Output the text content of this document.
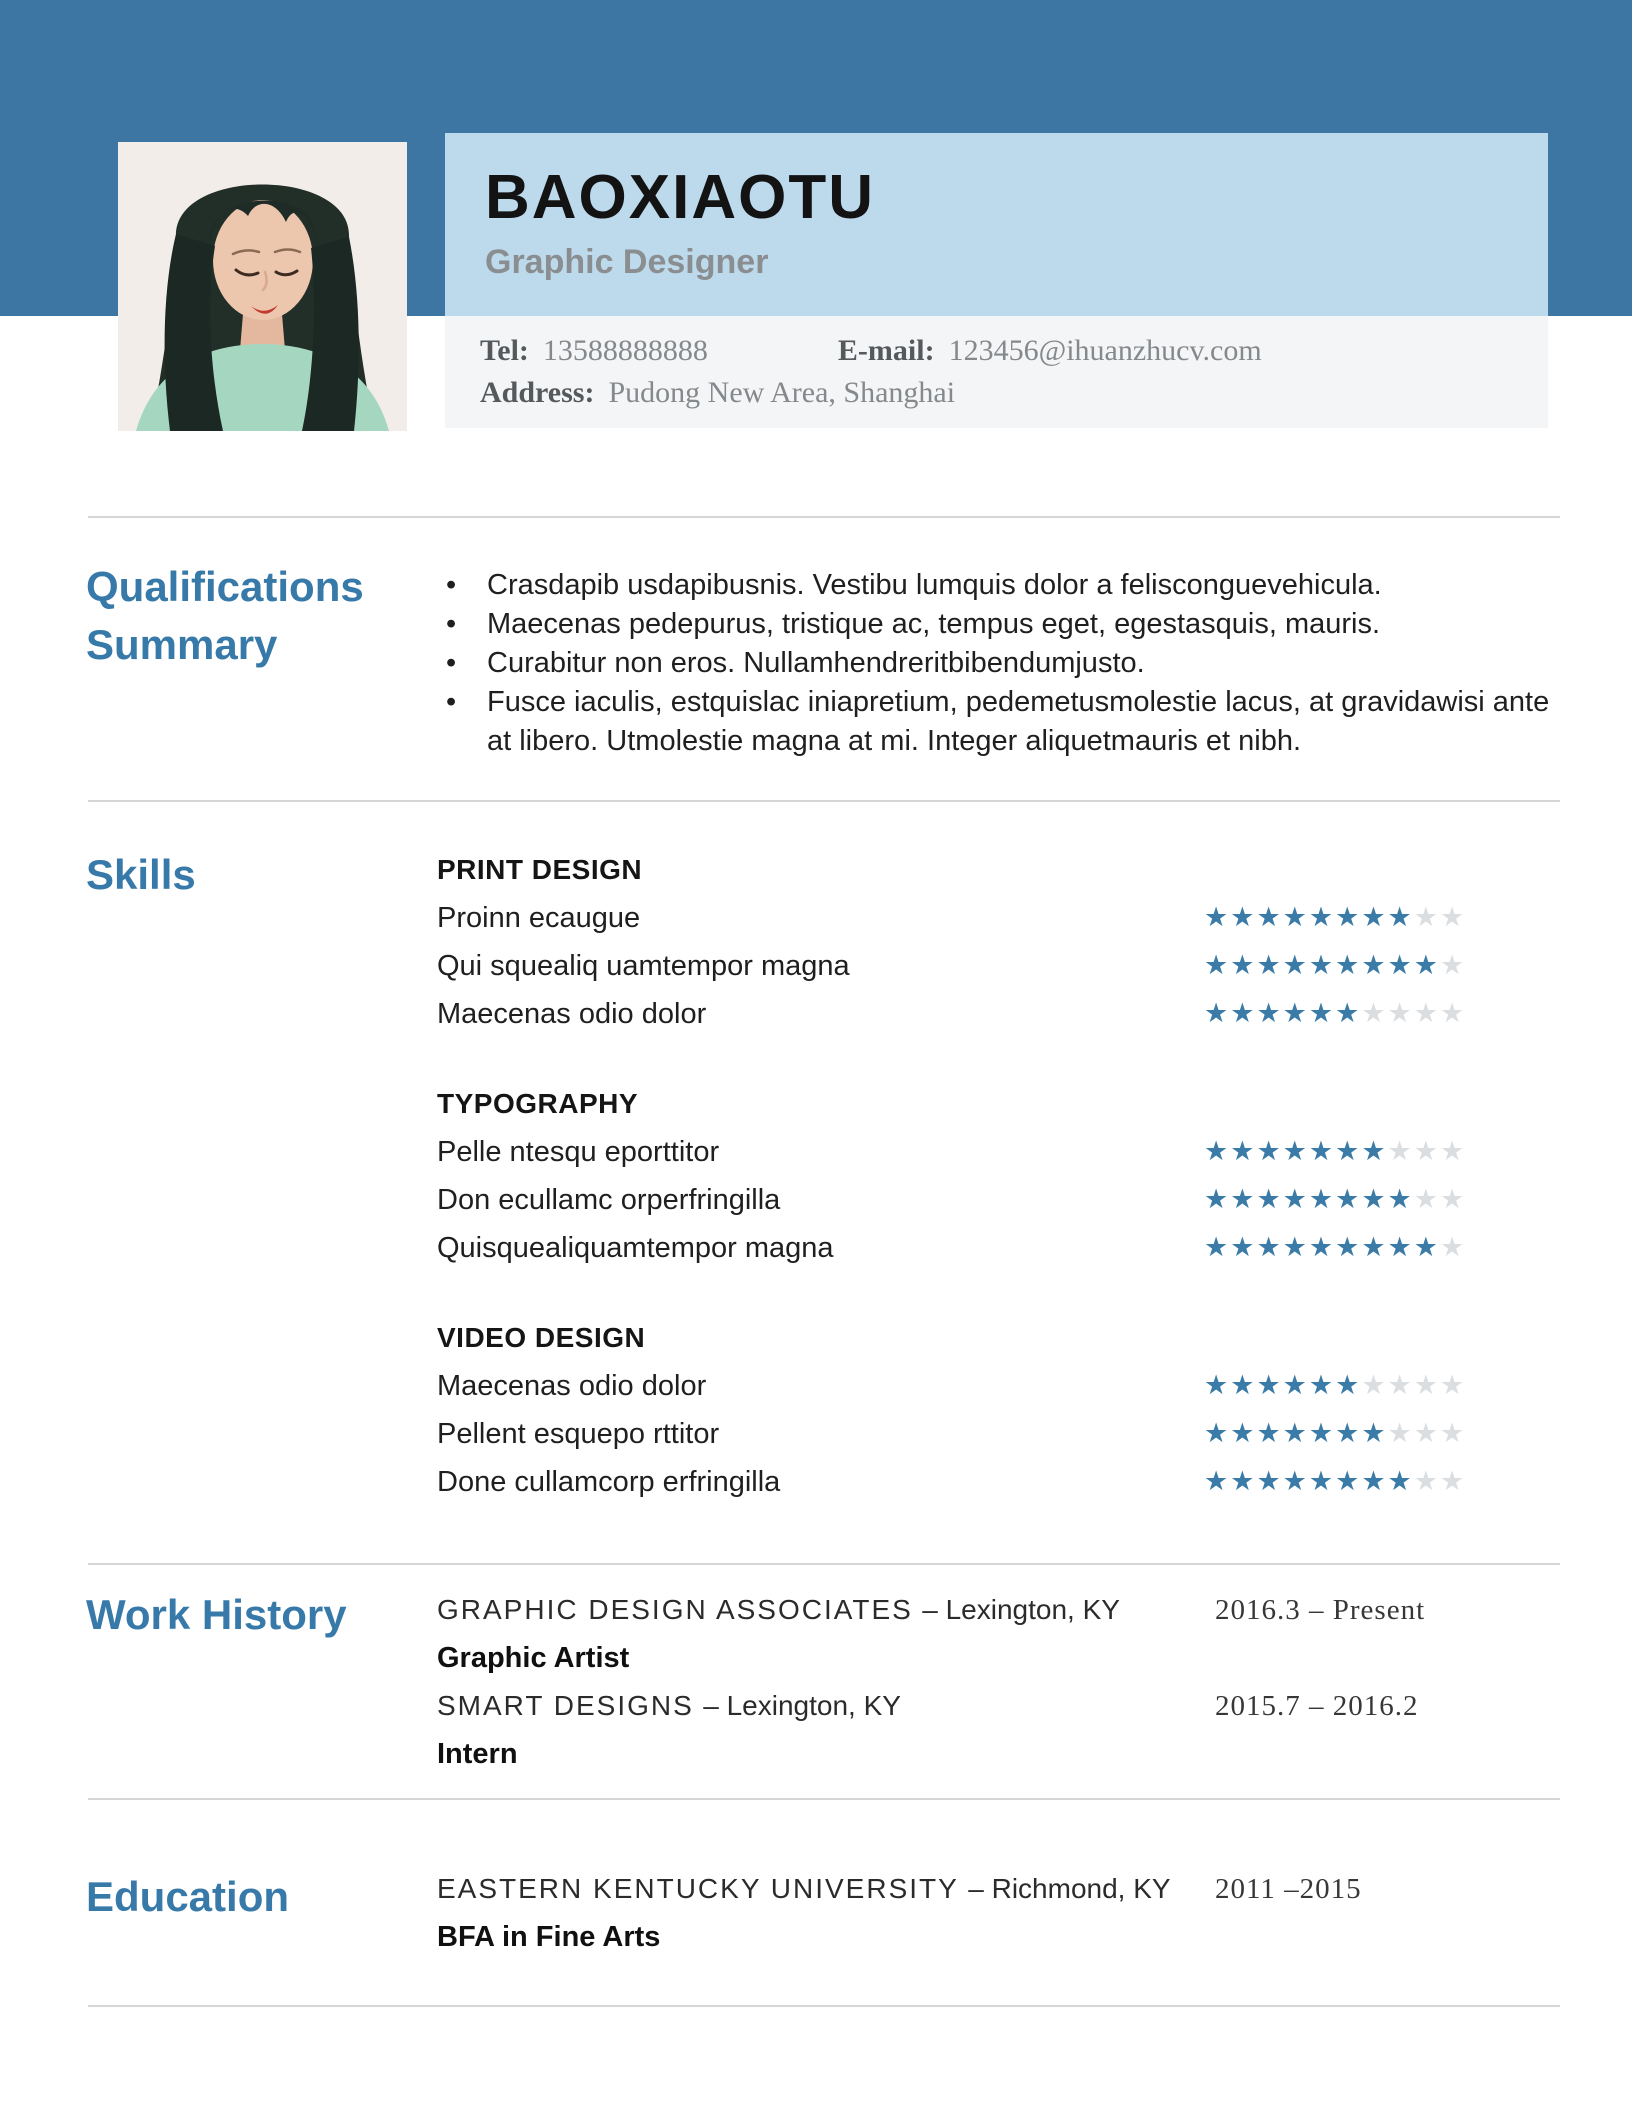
BAOXIAOTU
Graphic Designer
Tel: 13588888888	E-mail: 123456@ihuanzhucv.com
Address: Pudong New Area, Shanghai
Qualifications
Summary
• Crasdapib usdapibusnis. Vestibu lumquis dolor a felisconguevehicula.
• Maecenas pedepurus, tristique ac, tempus eget, egestasquis, mauris.
• Curabitur non eros. Nullamhendreritbibendumjusto.
• Fusce iaculis, estquislac iniapretium, pedemetusmolestie lacus, at gravidawisi ante at libero. Utmolestie magna at mi. Integer aliquetmauris et nibh.
Skills	PRINT DESIGN
Proinn ecaugue	★★★★★★★★★★
Qui squealiq uamtempor magna	★★★★★★★★★★
Maecenas odio dolor	★★★★★★★★★★
TYPOGRAPHY
Pelle ntesqu eporttitor	★★★★★★★★★★
Don ecullamc orperfringilla	★★★★★★★★★★
Quisquealiquamtempor magna	★★★★★★★★★★
VIDEO DESIGN
Maecenas odio dolor	★★★★★★★★★★
Pellent esquepo rttitor	★★★★★★★★★★
Done cullamcorp erfringilla	★★★★★★★★★★
Work History	GRAPHIC DESIGN ASSOCIATES – Lexington, KY	2016.3 – Present
Graphic Artist
SMART DESIGNS – Lexington, KY	2015.7 – 2016.2
Intern
Education	EASTERN KENTUCKY UNIVERSITY – Richmond, KY 2011 –2015
BFA in Fine Arts
